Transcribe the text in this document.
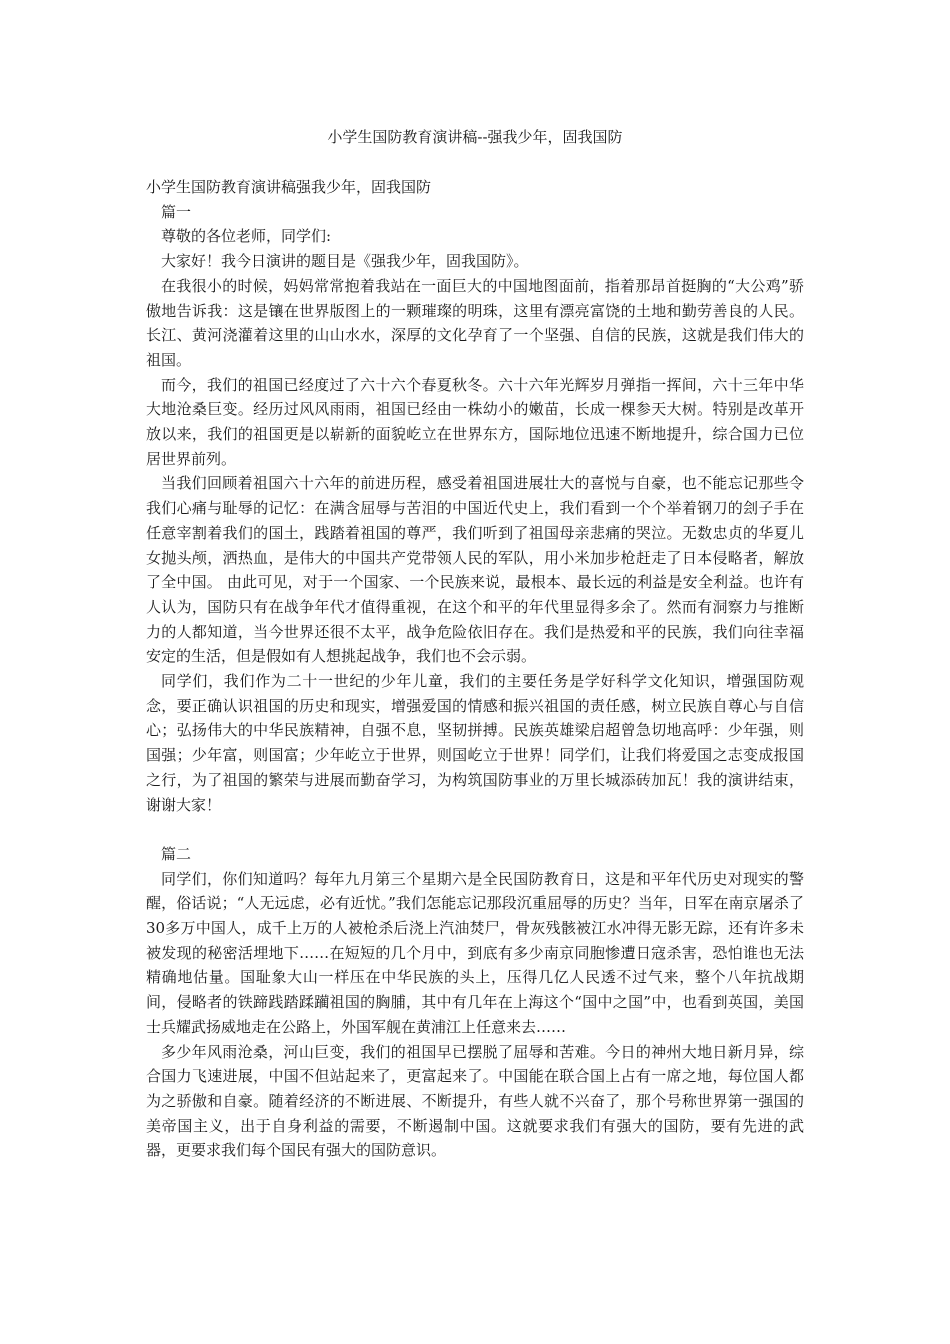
小学生国防教育演讲稿--强我少年，固我国防

小学生国防教育演讲稿强我少年，固我国防

篇一

尊敬的各位老师，同学们:

大家好！我今日演讲的题目是《强我少年，固我国防》。

在我很小的时候，妈妈常常抱着我站在一面巨大的中国地图面前，指着那昂首挺胸的“大公鸡”骄傲地告诉我：这是镶在世界版图上的一颗璀璨的明珠，这里有漂亮富饶的土地和勤劳善良的人民。长江、黄河浇灌着这里的山山水水，深厚的文化孕育了一个坚强、自信的民族，这就是我们伟大的祖国。

而今，我们的祖国已经度过了六十六个春夏秋冬。六十六年光辉岁月弹指一挥间，六十三年中华大地沧桑巨变。经历过风风雨雨，祖国已经由一株幼小的嫩苗，长成一棵参天大树。特别是改革开放以来，我们的祖国更是以崭新的面貌屹立在世界东方，国际地位迅速不断地提升，综合国力已位居世界前列。

当我们回顾着祖国六十六年的前进历程，感受着祖国进展壮大的喜悦与自豪，也不能忘记那些令我们心痛与耻辱的记忆：在满含屈辱与苦泪的中国近代史上，我们看到一个个举着钢刀的刽子手在任意宰割着我们的国土，践踏着祖国的尊严，我们听到了祖国母亲悲痛的哭泣。无数忠贞的华夏儿女抛头颅，洒热血，是伟大的中国共产党带领人民的军队，用小米加步枪赶走了日本侵略者，解放了全中国。 由此可见，对于一个国家、一个民族来说，最根本、最长远的利益是安全利益。也许有人认为，国防只有在战争年代才值得重视，在这个和平的年代里显得多余了。然而有洞察力与推断力的人都知道，当今世界还很不太平，战争危险依旧存在。我们是热爱和平的民族，我们向往幸福安定的生活，但是假如有人想挑起战争，我们也不会示弱。

同学们，我们作为二十一世纪的少年儿童，我们的主要任务是学好科学文化知识，增强国防观念，要正确认识祖国的历史和现实，增强爱国的情感和振兴祖国的责任感，树立民族自尊心与自信心；弘扬伟大的中华民族精神，自强不息，坚韧拼搏。民族英雄梁启超曾急切地高呼：少年强，则国强；少年富，则国富；少年屹立于世界，则国屹立于世界！同学们，让我们将爱国之志变成报国之行，为了祖国的繁荣与进展而勤奋学习，为构筑国防事业的万里长城添砖加瓦！我的演讲结束，谢谢大家！

篇二

同学们，你们知道吗？每年九月第三个星期六是全民国防教育日，这是和平年代历史对现实的警醒，俗话说；“人无远虑，必有近忧。”我们怎能忘记那段沉重屈辱的历史？当年，日军在南京屠杀了30多万中国人，成千上万的人被枪杀后浇上汽油焚尸，骨灰残骸被江水冲得无影无踪，还有许多未被发现的秘密活埋地下……在短短的几个月中，到底有多少南京同胞惨遭日寇杀害，恐怕谁也无法精确地估量。国耻象大山一样压在中华民族的头上，压得几亿人民透不过气来，整个八年抗战期间，侵略者的铁蹄践踏蹂躏祖国的胸脯，其中有几年在上海这个“国中之国”中，也看到英国，美国士兵耀武扬威地走在公路上，外国军舰在黄浦江上任意来去……

多少年风雨沧桑，河山巨变，我们的祖国早已摆脱了屈辱和苦难。今日的神州大地日新月异，综合国力飞速进展，中国不但站起来了，更富起来了。中国能在联合国上占有一席之地，每位国人都为之骄傲和自豪。随着经济的不断进展、不断提升，有些人就不兴奋了，那个号称世界第一强国的美帝国主义，出于自身利益的需要，不断遏制中国。这就要求我们有强大的国防，要有先进的武器，更要求我们每个国民有强大的国防意识。
